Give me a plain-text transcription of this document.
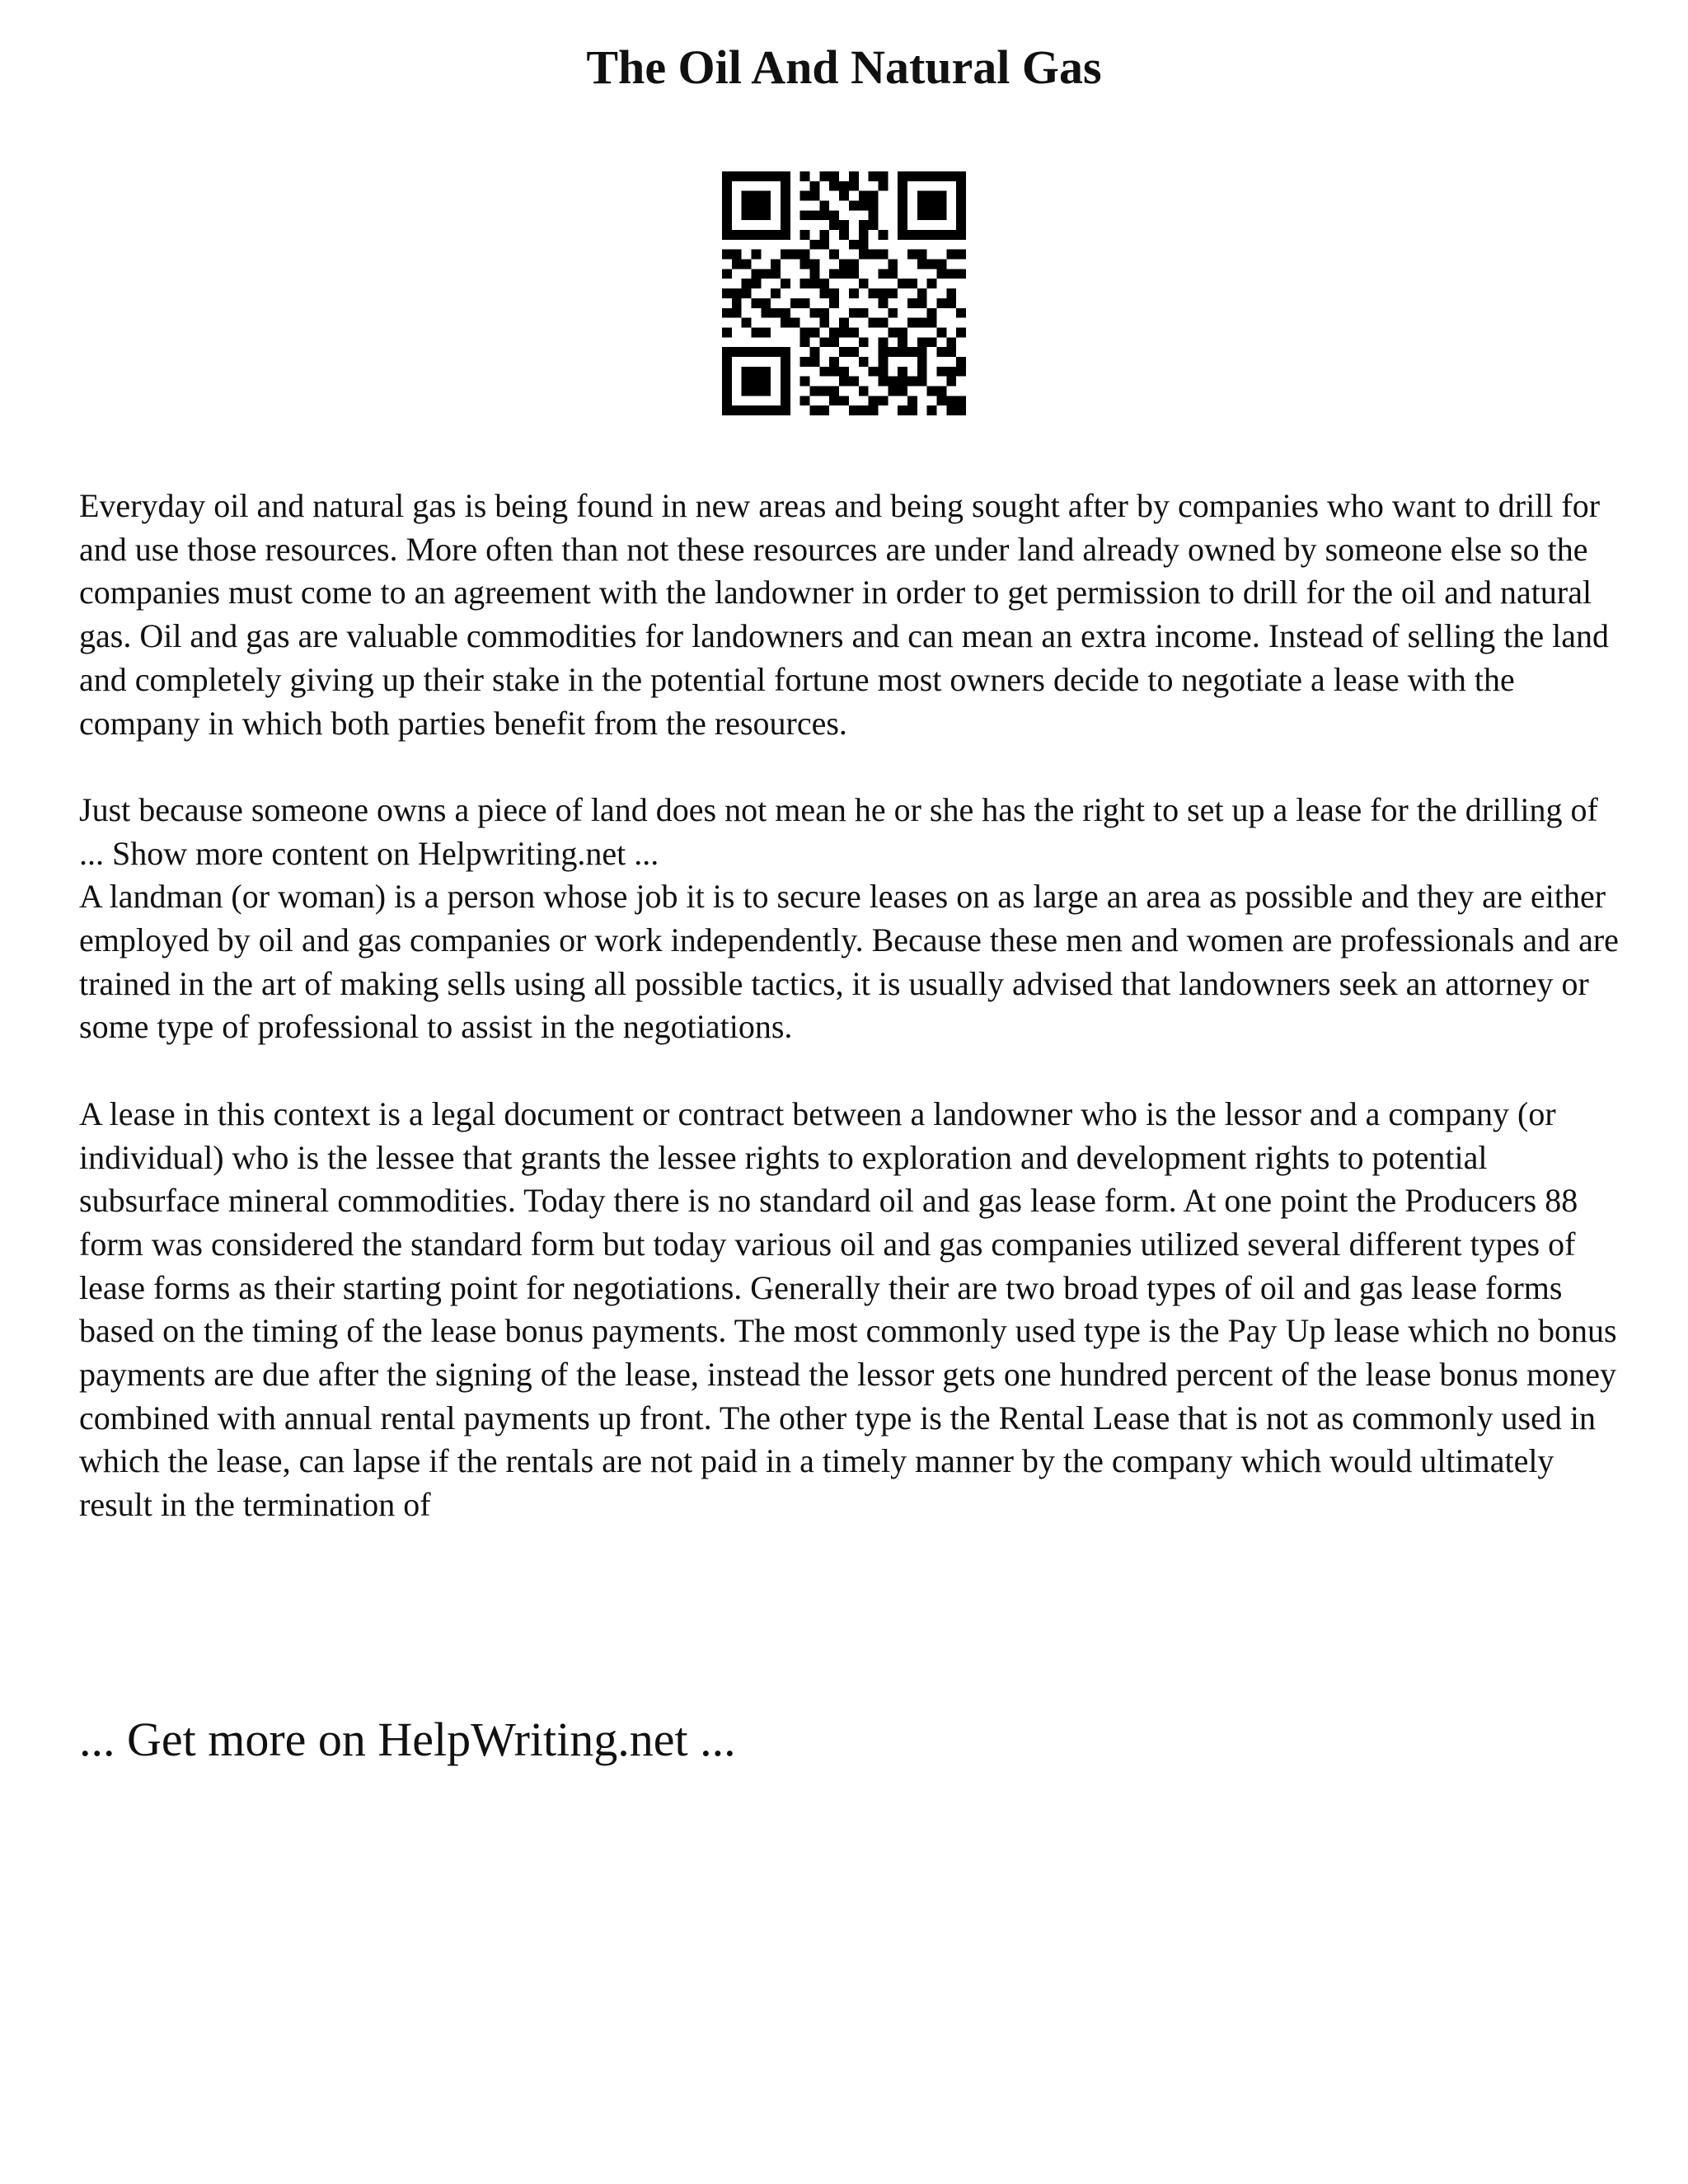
The Oil And Natural Gas

Everyday oil and natural gas is being found in new areas and being sought after by companies who want to drill for and use those resources. More often than not these resources are under land already owned by someone else so the companies must come to an agreement with the landowner in order to get permission to drill for the oil and natural gas. Oil and gas are valuable commodities for landowners and can mean an extra income. Instead of selling the land and completely giving up their stake in the potential fortune most owners decide to negotiate a lease with the company in which both parties benefit from the resources.

Just because someone owns a piece of land does not mean he or she has the right to set up a lease for the drilling of ... Show more content on Helpwriting.net ...

A landman (or woman) is a person whose job it is to secure leases on as large an area as possible and they are either employed by oil and gas companies or work independently. Because these men and women are professionals and are trained in the art of making sells using all possible tactics, it is usually advised that landowners seek an attorney or some type of professional to assist in the negotiations.

A lease in this context is a legal document or contract between a landowner who is the lessor and a company (or individual) who is the lessee that grants the lessee rights to exploration and development rights to potential subsurface mineral commodities. Today there is no standard oil and gas lease form. At one point the Producers 88 form was considered the standard form but today various oil and gas companies utilized several different types of lease forms as their starting point for negotiations. Generally their are two broad types of oil and gas lease forms based on the timing of the lease bonus payments. The most commonly used type is the Pay Up lease which no bonus payments are due after the signing of the lease, instead the lessor gets one hundred percent of the lease bonus money combined with annual rental payments up front. The other type is the Rental Lease that is not as commonly used in which the lease, can lapse if the rentals are not paid in a timely manner by the company which would ultimately result in the termination of

... Get more on HelpWriting.net ...
